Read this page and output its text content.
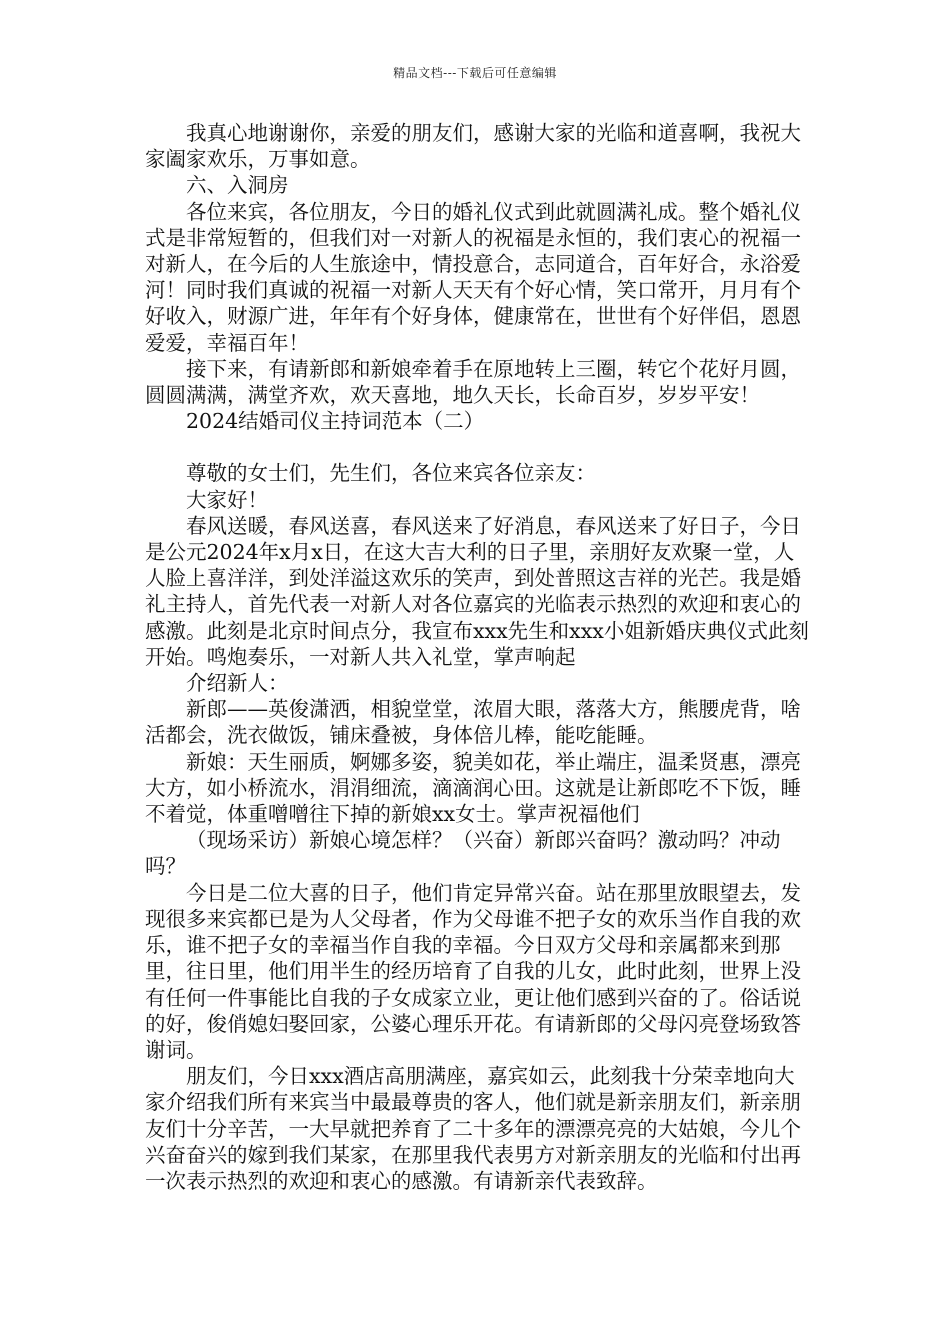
精品文档---下载后可任意编辑

我真心地谢谢你，亲爱的朋友们，感谢大家的光临和道喜啊，我祝大家阖家欢乐，万事如意。

六、入洞房

各位来宾，各位朋友，今日的婚礼仪式到此就圆满礼成。整个婚礼仪式是非常短暂的，但我们对一对新人的祝福是永恒的，我们衷心的祝福一对新人，在今后的人生旅途中，情投意合，志同道合，百年好合，永浴爱河！同时我们真诚的祝福一对新人天天有个好心情，笑口常开，月月有个好收入，财源广进，年年有个好身体，健康常在，世世有个好伴侣，恩恩爱爱，幸福百年！

接下来，有请新郎和新娘牵着手在原地转上三圈，转它个花好月圆，圆圆满满，满堂齐欢，欢天喜地，地久天长，长命百岁，岁岁平安！

2024结婚司仪主持词范本（二）

尊敬的女士们，先生们，各位来宾各位亲友：

大家好！

春风送暖，春风送喜，春风送来了好消息，春风送来了好日子，今日是公元2024年x月x日，在这大吉大利的日子里，亲朋好友欢聚一堂，人人脸上喜洋洋，到处洋溢这欢乐的笑声，到处普照这吉祥的光芒。我是婚礼主持人，首先代表一对新人对各位嘉宾的光临表示热烈的欢迎和衷心的感激。此刻是北京时间点分，我宣布xxx先生和xxx小姐新婚庆典仪式此刻开始。鸣炮奏乐，一对新人共入礼堂，掌声响起

介绍新人：

新郎——英俊潇洒，相貌堂堂，浓眉大眼，落落大方，熊腰虎背，啥活都会，洗衣做饭，铺床叠被，身体倍儿棒，能吃能睡。

新娘：天生丽质，婀娜多姿，貌美如花，举止端庄，温柔贤惠，漂亮大方，如小桥流水，涓涓细流，滴滴润心田。这就是让新郎吃不下饭，睡不着觉，体重噌噌往下掉的新娘xx女士。掌声祝福他们

（现场采访）新娘心境怎样？（兴奋）新郎兴奋吗？激动吗？冲动吗？

今日是二位大喜的日子，他们肯定异常兴奋。站在那里放眼望去，发现很多来宾都已是为人父母者，作为父母谁不把子女的欢乐当作自我的欢乐，谁不把子女的幸福当作自我的幸福。今日双方父母和亲属都来到那里，往日里，他们用半生的经历培育了自我的儿女，此时此刻，世界上没有任何一件事能比自我的子女成家立业，更让他们感到兴奋的了。俗话说的好，俊俏媳妇娶回家，公婆心理乐开花。有请新郎的父母闪亮登场致答谢词。

朋友们，今日xxx酒店高朋满座，嘉宾如云，此刻我十分荣幸地向大家介绍我们所有来宾当中最最尊贵的客人，他们就是新亲朋友们，新亲朋友们十分辛苦，一大早就把养育了二十多年的漂漂亮亮的大姑娘，今儿个兴奋奋兴的嫁到我们某家，在那里我代表男方对新亲朋友的光临和付出再一次表示热烈的欢迎和衷心的感激。有请新亲代表致辞。
